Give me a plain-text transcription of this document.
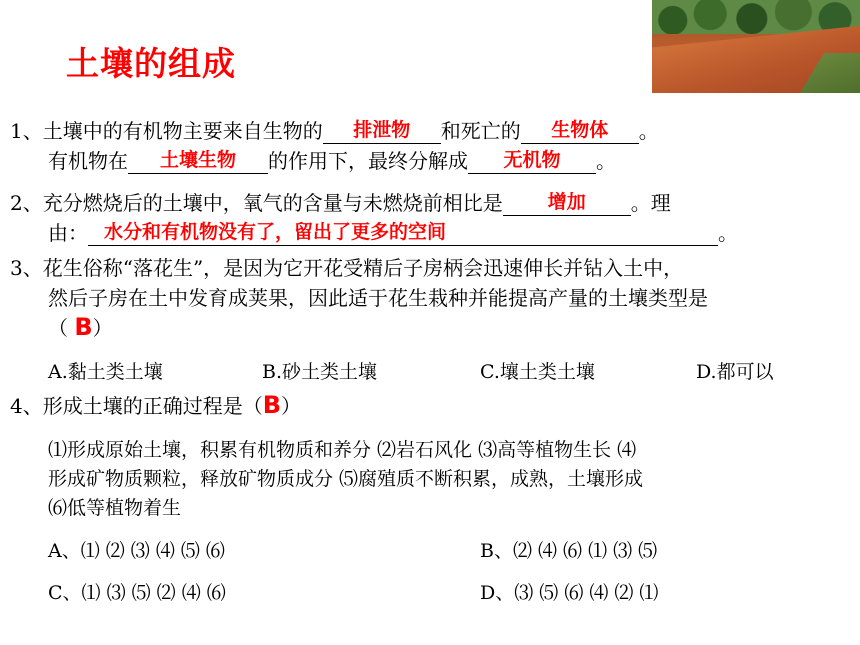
土壤的组成
1、土壤中的有机物主要来自生物的	排泄物	和死亡的	生物体	。
有机物在	土壤生物	的作用下，最终分解成	无机物	。
2、充分燃烧后的土壤中，氧气的含量与未燃烧前相比是	增加	。理
由： 水分和有机物没有了，留出了更多的空间	。
3、花生俗称“落花生”，是因为它开花受精后子房柄会迅速伸长并钻入土中，
然后子房在土中发育成荚果，因此适于花生栽种并能提高产量的土壤类型是
（ B）
A.黏土类土壤	B.砂土类土壤	C.壤土类土壤	D.都可以
4、形成土壤的正确过程是（B）
⑴形成原始土壤，积累有机物质和养分 ⑵岩石风化 ⑶高等植物生长 ⑷
形成矿物质颗粒，释放矿物质成分 ⑸腐殖质不断积累，成熟，土壤形成
⑹低等植物着生
A、⑴ ⑵ ⑶ ⑷ ⑸ ⑹	B、⑵ ⑷ ⑹ ⑴ ⑶ ⑸
C、⑴ ⑶ ⑸ ⑵ ⑷ ⑹	D、⑶ ⑸ ⑹ ⑷ ⑵ ⑴
